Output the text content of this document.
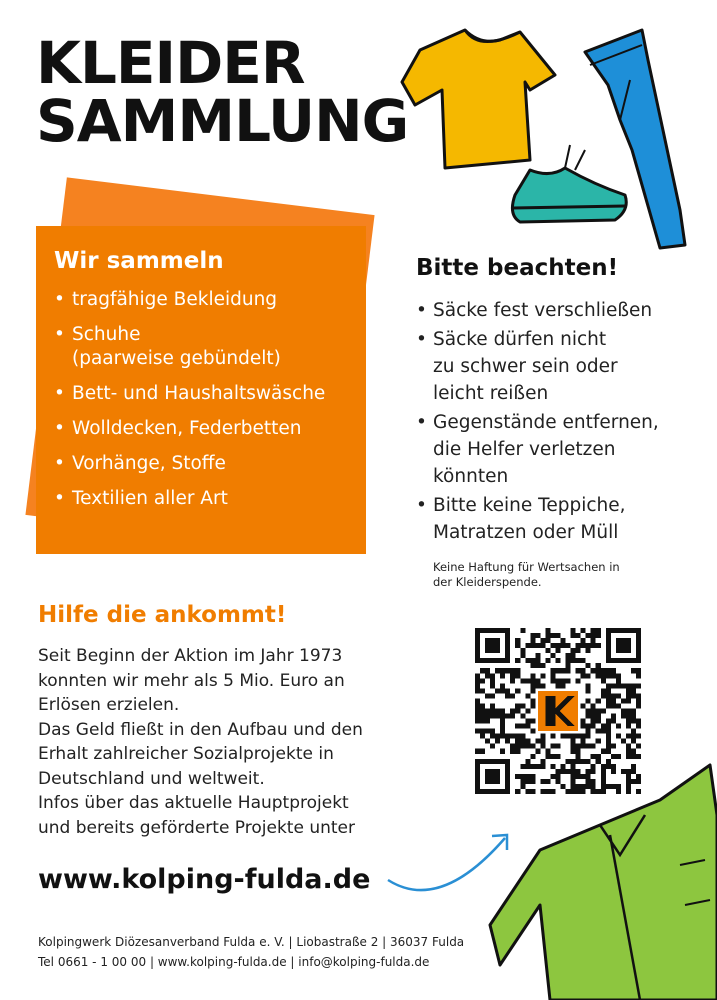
KLEIDER
SAMMLUNG
Wir sammeln
• tragfähige Bekleidung
• Schuhe
(paarweise gebündelt)
• Bett- und Haushaltswäsche
• Wolldecken, Federbetten
• Vorhänge, Stoffe
• Textilien aller Art
Bitte beachten!
• Säcke fest verschließen
• Säcke dürfen nicht
zu schwer sein oder
leicht reißen
• Gegenstände entfernen,
die Helfer verletzen
könnten
• Bitte keine Teppiche,
Matratzen oder Müll
Keine Haftung für Wertsachen in
der Kleiderspende.
Hilfe die ankommt!

Seit Beginn der Aktion im Jahr 1973
konnten wir mehr als 5 Mio. Euro an
Erlösen erzielen.
Das Geld fließt in den Aufbau und den
Erhalt zahlreicher Sozialprojekte in
Deutschland und weltweit.
Infos über das aktuelle Hauptprojekt
und bereits geförderte Projekte unter

www.kolping-fulda.de
Kolpingwerk Diözesanverband Fulda e. V. | Liobastraße 2 | 36037 Fulda
Tel 0661 - 1 00 00 | www.kolping-fulda.de | info@kolping-fulda.de
